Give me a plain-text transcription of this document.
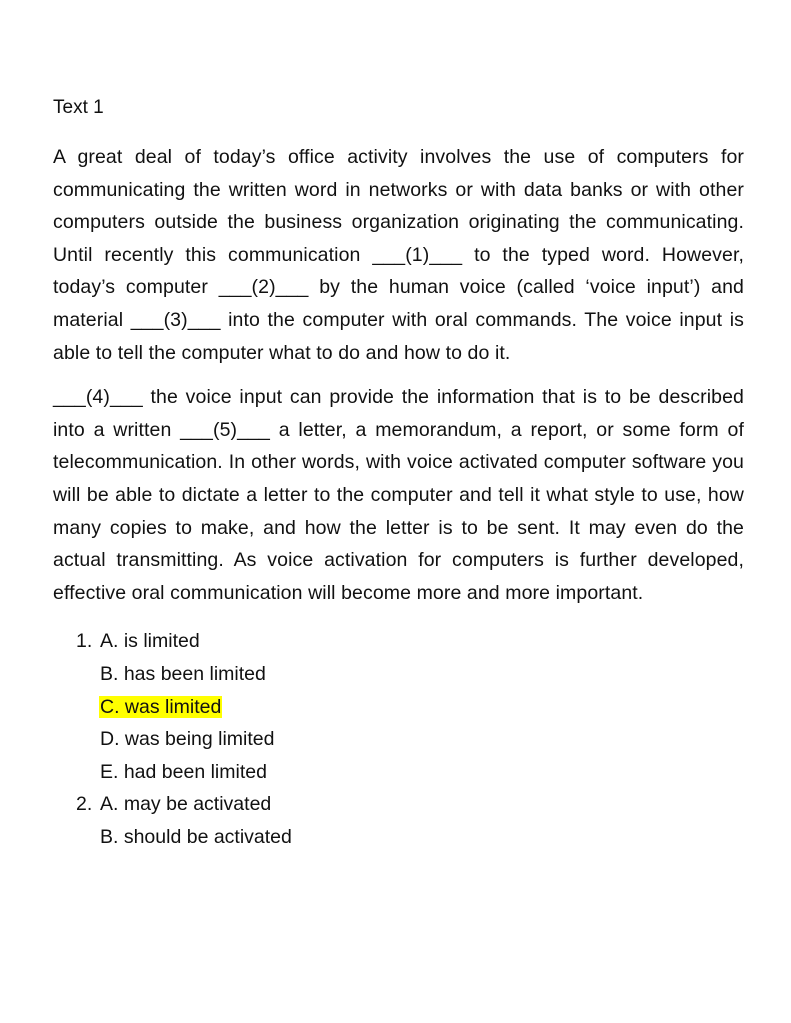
Text 1

A great deal of today’s office activity involves the use of computers for communicating the written word in networks or with data banks or with other computers outside the business organization originating the communicating. Until recently this communication ___(1)___ to the typed word. However, today’s computer ___(2)___ by the human voice (called ‘voice input’) and material ___(3)___ into the computer with oral commands. The voice input is able to tell the computer what to do and how to do it.

___(4)___ the voice input can provide the information that is to be described into a written ___(5)___ a letter, a memorandum, a report, or some form of telecommunication. In other words, with voice activated computer software you will be able to dictate a letter to the computer and tell it what style to use, how many copies to make, and how the letter is to be sent. It may even do the actual transmitting. As voice activation for computers is further developed, effective oral communication will become more and more important.

1. A. is limited
B. has been limited
C. was limited
D. was being limited
E. had been limited
2. A. may be activated
B. should be activated
